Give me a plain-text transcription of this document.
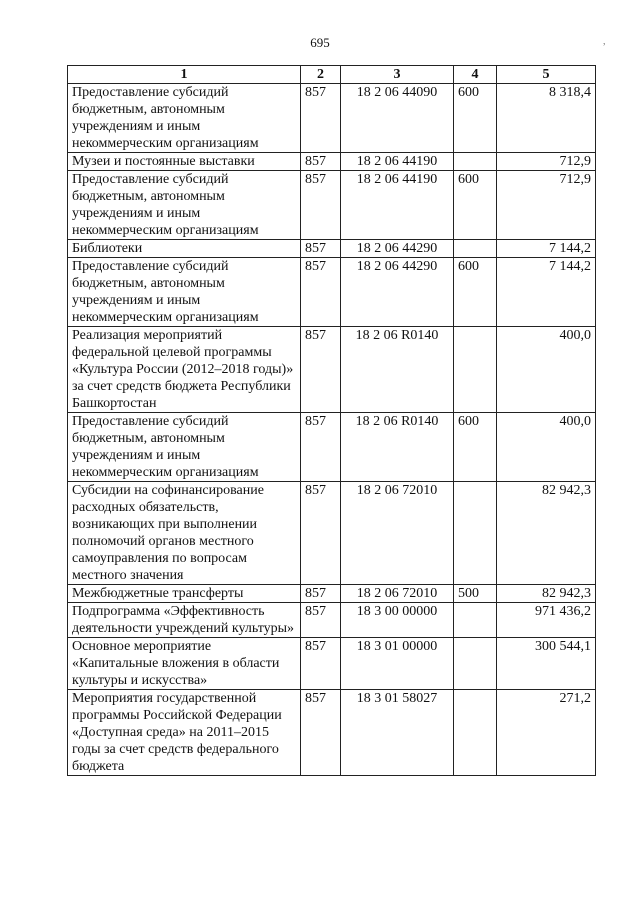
695	,
1	2	3	4	5
Предоставление субсидий бюджетным, автономным учреждениям и иным некоммерческим организациям	857	18 2 06 44090	600	8 318,4
Музеи и постоянные выставки	857	18 2 06 44190		712,9
Предоставление субсидий бюджетным, автономным учреждениям и иным некоммерческим организациям	857	18 2 06 44190	600	712,9
Библиотеки	857	18 2 06 44290		7 144,2
Предоставление субсидий бюджетным, автономным учреждениям и иным некоммерческим организациям	857	18 2 06 44290	600	7 144,2
Реализация мероприятий федеральной целевой программы «Культура России (2012–2018 годы)» за счет средств бюджета Республики Башкортостан	857	18 2 06 R0140		400,0
Предоставление субсидий бюджетным, автономным учреждениям и иным некоммерческим организациям	857	18 2 06 R0140	600	400,0
Субсидии на софинансирование расходных обязательств, возникающих при выполнении полномочий органов местного самоуправления по вопросам местного значения	857	18 2 06 72010		82 942,3
Межбюджетные трансферты	857	18 2 06 72010	500	82 942,3
Подпрограмма «Эффективность деятельности учреждений культуры»	857	18 3 00 00000		971 436,2
Основное мероприятие «Капитальные вложения в области культуры и искусства»	857	18 3 01 00000		300 544,1
Мероприятия государственной программы Российской Федерации «Доступная среда» на 2011–2015 годы за счет средств федерального бюджета	857	18 3 01 58027		271,2
